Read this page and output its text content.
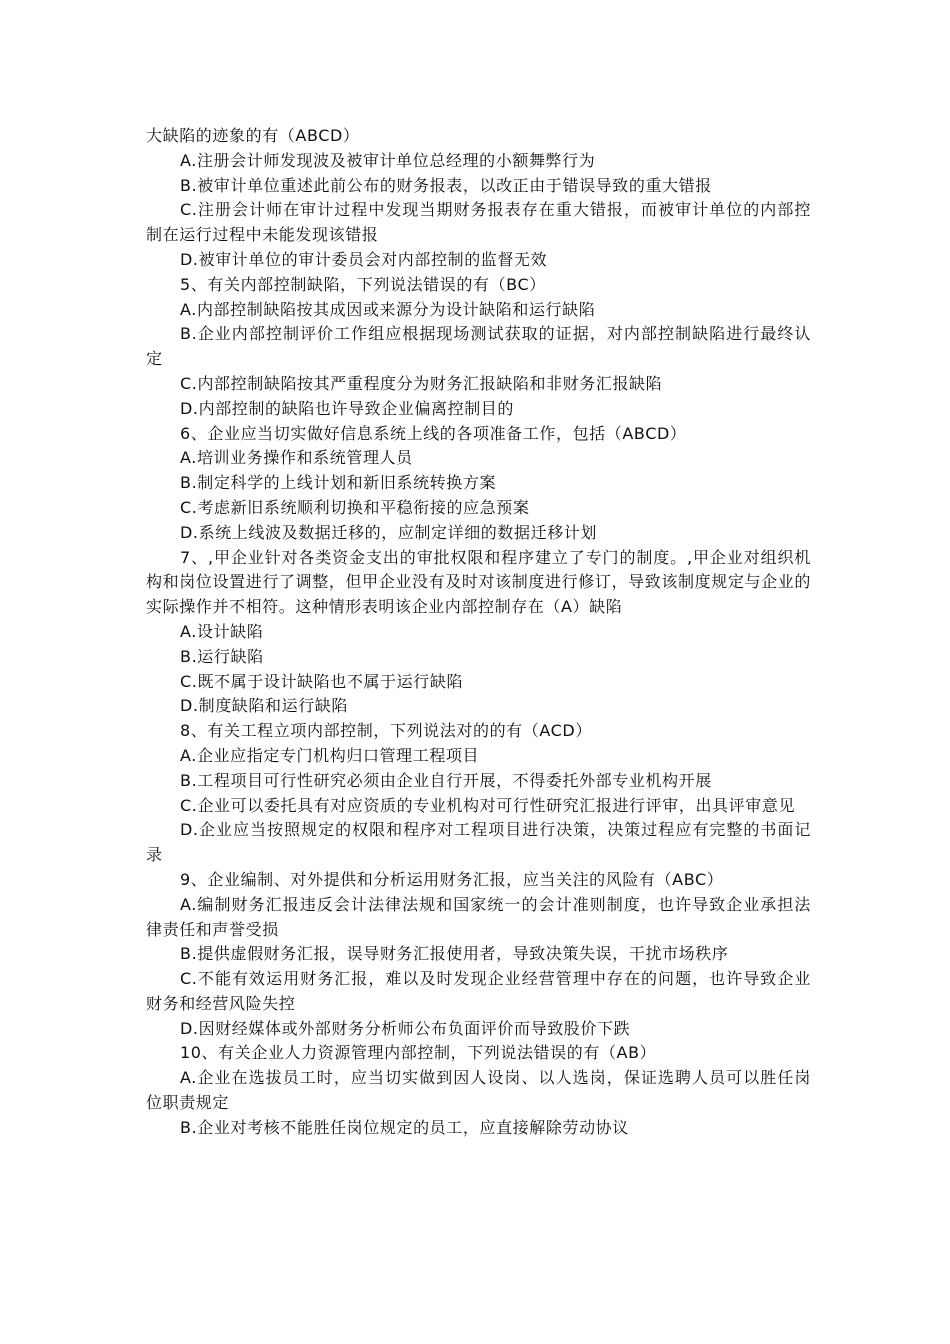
大缺陷的迹象的有（ABCD）

A.注册会计师发现波及被审计单位总经理的小额舞弊行为

B.被审计单位重述此前公布的财务报表，以改正由于错误导致的重大错报

C.注册会计师在审计过程中发现当期财务报表存在重大错报，而被审计单位的内部控制在运行过程中未能发现该错报

D.被审计单位的审计委员会对内部控制的监督无效

5、有关内部控制缺陷，下列说法错误的有（BC）

A.内部控制缺陷按其成因或来源分为设计缺陷和运行缺陷

B.企业内部控制评价工作组应根据现场测试获取的证据，对内部控制缺陷进行最终认定

C.内部控制缺陷按其严重程度分为财务汇报缺陷和非财务汇报缺陷

D.内部控制的缺陷也许导致企业偏离控制目的

6、企业应当切实做好信息系统上线的各项准备工作，包括（ABCD）

A.培训业务操作和系统管理人员

B.制定科学的上线计划和新旧系统转换方案

C.考虑新旧系统顺利切换和平稳衔接的应急预案

D.系统上线波及数据迁移的，应制定详细的数据迁移计划

7、,甲企业针对各类资金支出的审批权限和程序建立了专门的制度。,甲企业对组织机构和岗位设置进行了调整，但甲企业没有及时对该制度进行修订，导致该制度规定与企业的实际操作并不相符。这种情形表明该企业内部控制存在（A）缺陷

A.设计缺陷

B.运行缺陷

C.既不属于设计缺陷也不属于运行缺陷

D.制度缺陷和运行缺陷

8、有关工程立项内部控制，下列说法对的的有（ACD）

A.企业应指定专门机构归口管理工程项目

B.工程项目可行性研究必须由企业自行开展，不得委托外部专业机构开展

C.企业可以委托具有对应资质的专业机构对可行性研究汇报进行评审，出具评审意见

D.企业应当按照规定的权限和程序对工程项目进行决策，决策过程应有完整的书面记录

9、企业编制、对外提供和分析运用财务汇报，应当关注的风险有（ABC）

A.编制财务汇报违反会计法律法规和国家统一的会计准则制度，也许导致企业承担法律责任和声誉受损

B.提供虚假财务汇报，误导财务汇报使用者，导致决策失误，干扰市场秩序

C.不能有效运用财务汇报，难以及时发现企业经营管理中存在的问题，也许导致企业财务和经营风险失控

D.因财经媒体或外部财务分析师公布负面评价而导致股价下跌

10、有关企业人力资源管理内部控制，下列说法错误的有（AB）

A.企业在选拔员工时，应当切实做到因人设岗、以人选岗，保证选聘人员可以胜任岗位职责规定

B.企业对考核不能胜任岗位规定的员工，应直接解除劳动协议
